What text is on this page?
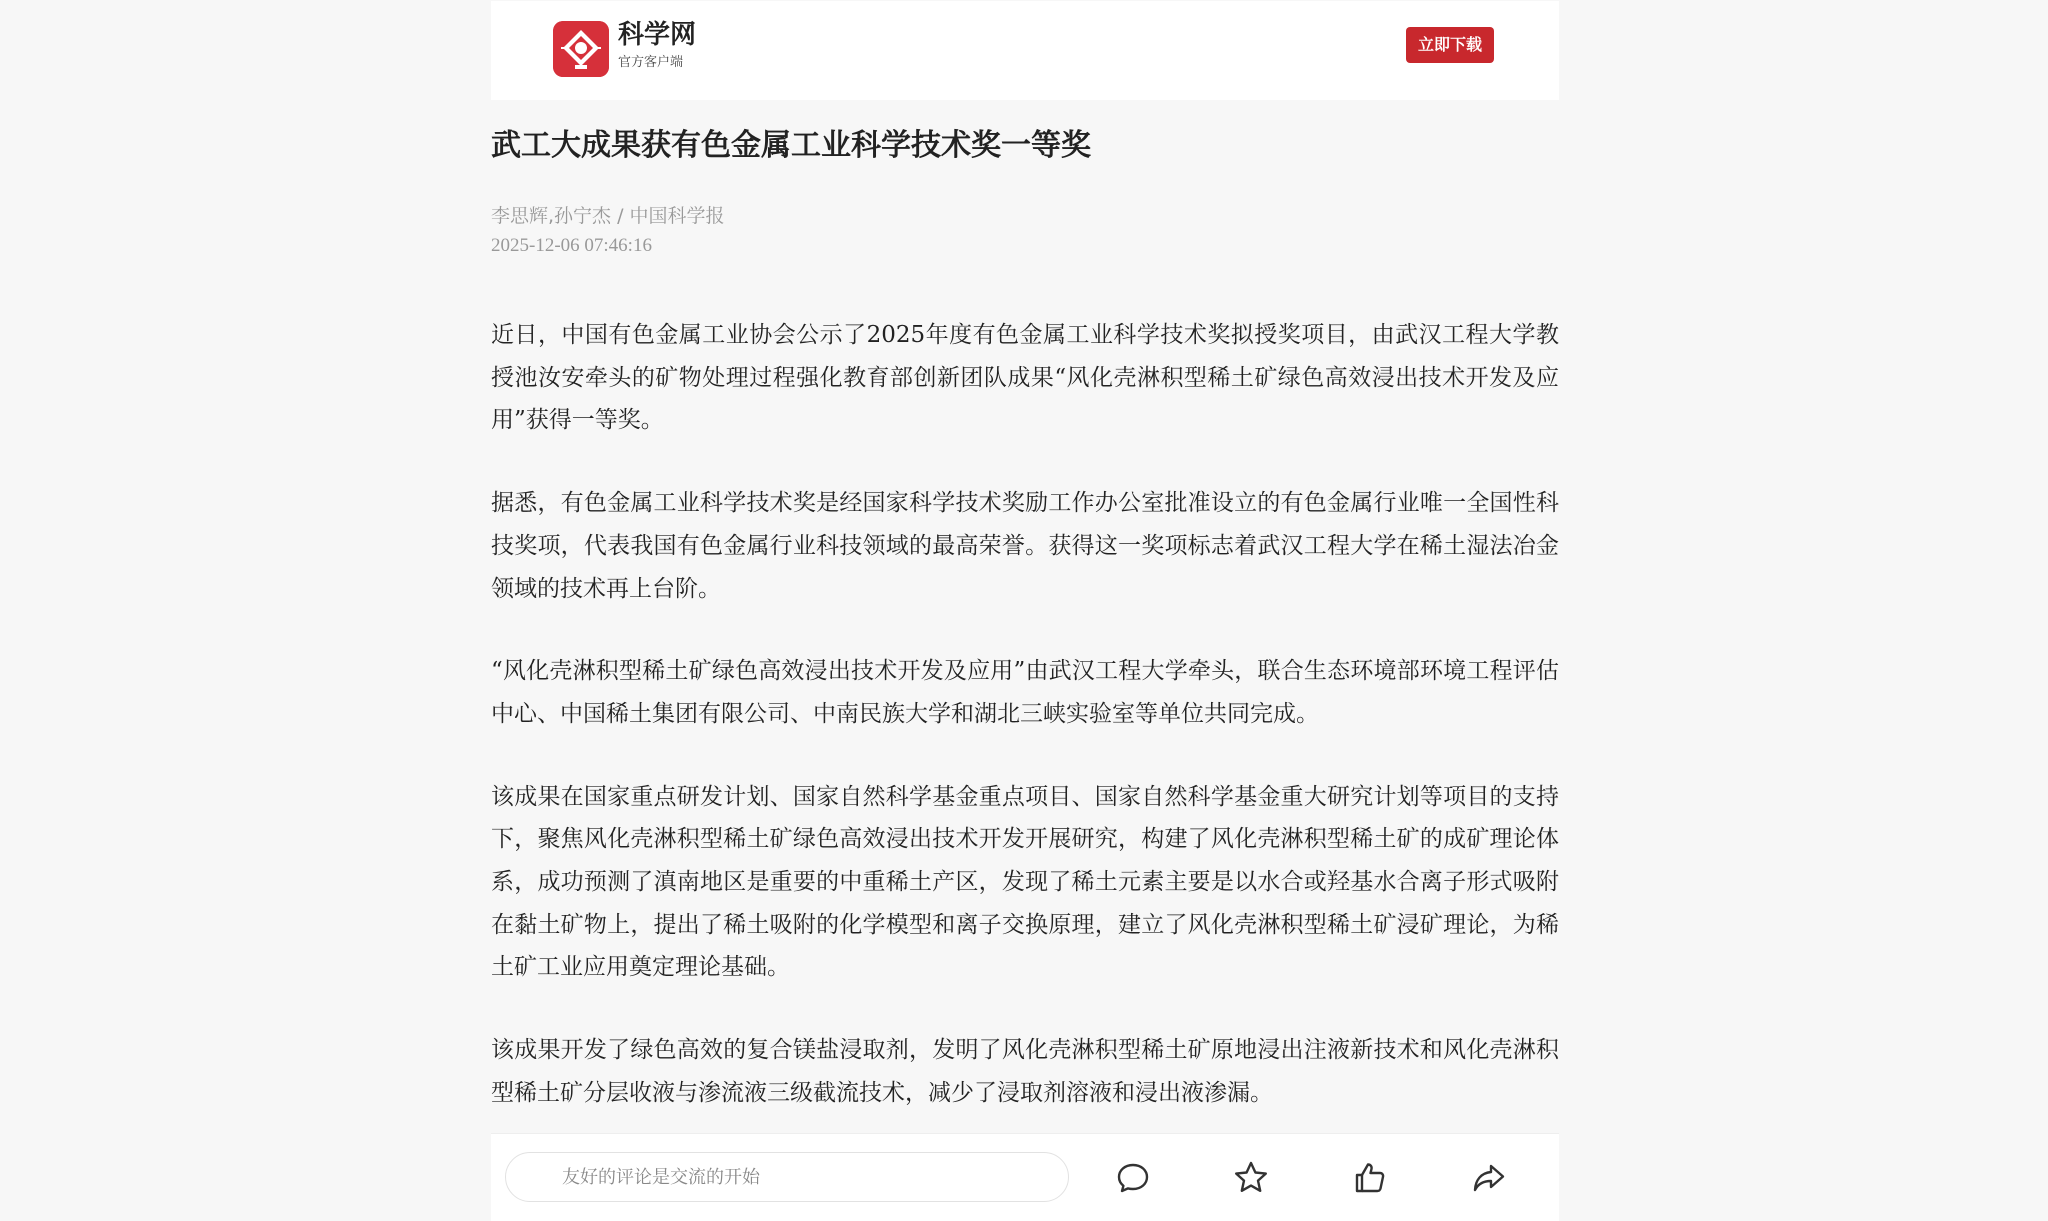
科学网
官方客户端
立即下载
武工大成果获有色金属工业科学技术奖一等奖
李思辉,孙宁杰 / 中国科学报
2025-12-06 07:46:16

近日，中国有色金属工业协会公示了2025年度有色金属工业科学技术奖拟授奖项目，由武汉工程大学教授池汝安牵头的矿物处理过程强化教育部创新团队成果“风化壳淋积型稀土矿绿色高效浸出技术开发及应用”获得一等奖。

据悉，有色金属工业科学技术奖是经国家科学技术奖励工作办公室批准设立的有色金属行业唯一全国性科技奖项，代表我国有色金属行业科技领域的最高荣誉。获得这一奖项标志着武汉工程大学在稀土湿法冶金领域的技术再上台阶。

“风化壳淋积型稀土矿绿色高效浸出技术开发及应用”由武汉工程大学牵头，联合生态环境部环境工程评估中心、中国稀土集团有限公司、中南民族大学和湖北三峡实验室等单位共同完成。

该成果在国家重点研发计划、国家自然科学基金重点项目、国家自然科学基金重大研究计划等项目的支持下，聚焦风化壳淋积型稀土矿绿色高效浸出技术开发开展研究，构建了风化壳淋积型稀土矿的成矿理论体系，成功预测了滇南地区是重要的中重稀土产区，发现了稀土元素主要是以水合或羟基水合离子形式吸附在黏土矿物上，提出了稀土吸附的化学模型和离子交换原理，建立了风化壳淋积型稀土矿浸矿理论，为稀土矿工业应用奠定理论基础。

该成果开发了绿色高效的复合镁盐浸取剂，发明了风化壳淋积型稀土矿原地浸出注液新技术和风化壳淋积型稀土矿分层收液与渗流液三级截流技术，减少了浸取剂溶液和浸出液渗漏。

友好的评论是交流的开始
